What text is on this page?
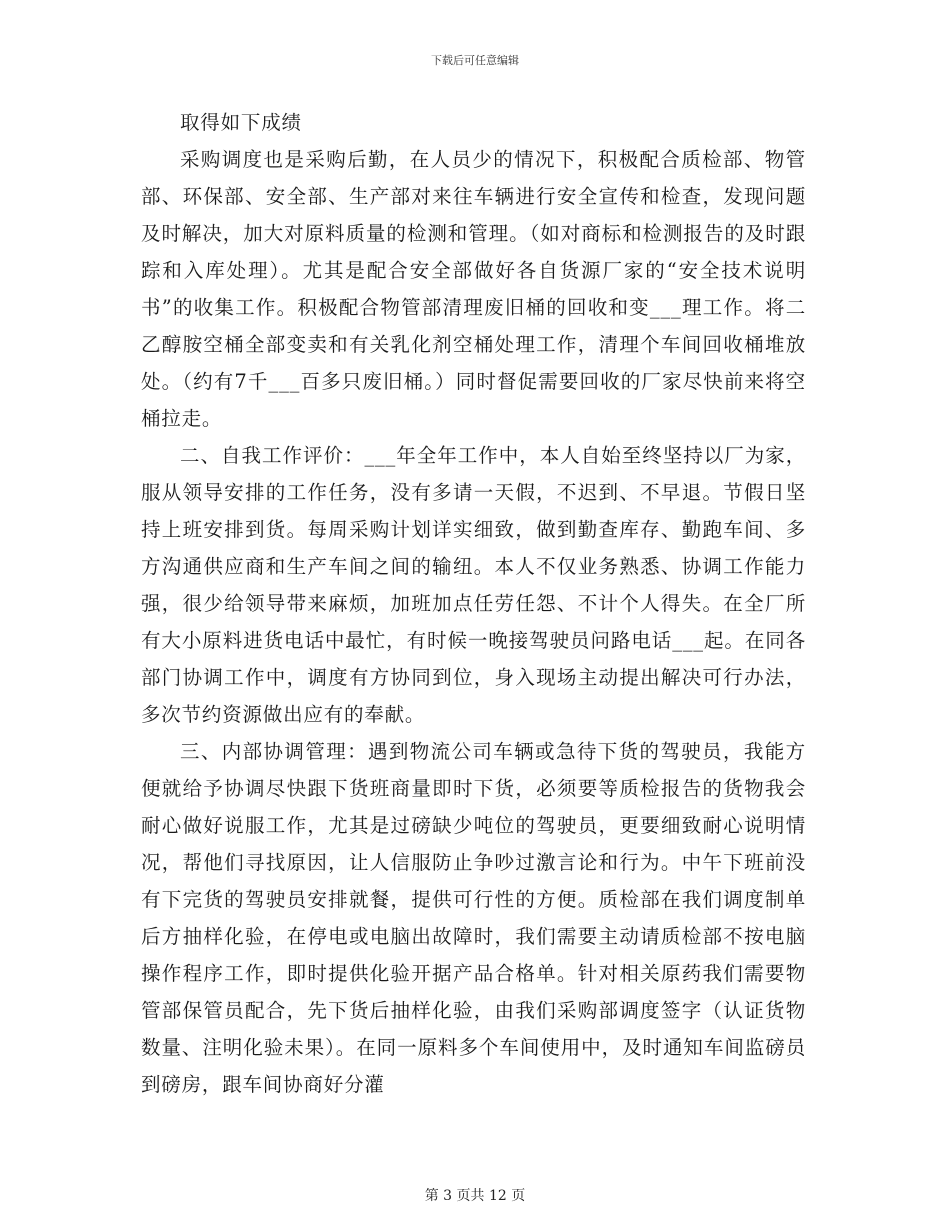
下载后可任意编辑

取得如下成绩

采购调度也是采购后勤，在人员少的情况下，积极配合质检部、物管部、环保部、安全部、生产部对来往车辆进行安全宣传和检查，发现问题及时解决，加大对原料质量的检测和管理。（如对商标和检测报告的及时跟踪和入库处理）。尤其是配合安全部做好各自货源厂家的“安全技术说明书”的收集工作。积极配合物管部清理废旧桶的回收和变___理工作。将二乙醇胺空桶全部变卖和有关乳化剂空桶处理工作，清理个车间回收桶堆放处。（约有7千___百多只废旧桶。）同时督促需要回收的厂家尽快前来将空桶拉走。

二、自我工作评价：___年全年工作中，本人自始至终坚持以厂为家，服从领导安排的工作任务，没有多请一天假，不迟到、不早退。节假日坚持上班安排到货。每周采购计划详实细致，做到勤查库存、勤跑车间、多方沟通供应商和生产车间之间的输纽。本人不仅业务熟悉、协调工作能力强，很少给领导带来麻烦，加班加点任劳任怨、不计个人得失。在全厂所有大小原料进货电话中最忙，有时候一晚接驾驶员问路电话___起。在同各部门协调工作中，调度有方协同到位，身入现场主动提出解决可行办法，多次节约资源做出应有的奉献。

三、内部协调管理：遇到物流公司车辆或急待下货的驾驶员，我能方便就给予协调尽快跟下货班商量即时下货，必须要等质检报告的货物我会耐心做好说服工作，尤其是过磅缺少吨位的驾驶员，更要细致耐心说明情况，帮他们寻找原因，让人信服防止争吵过激言论和行为。中午下班前没有下完货的驾驶员安排就餐，提供可行性的方便。质检部在我们调度制单后方抽样化验，在停电或电脑出故障时，我们需要主动请质检部不按电脑操作程序工作，即时提供化验开据产品合格单。针对相关原药我们需要物管部保管员配合，先下货后抽样化验，由我们采购部调度签字（认证货物数量、注明化验未果）。在同一原料多个车间使用中，及时通知车间监磅员到磅房，跟车间协商好分灌

第 3 页共 12 页
